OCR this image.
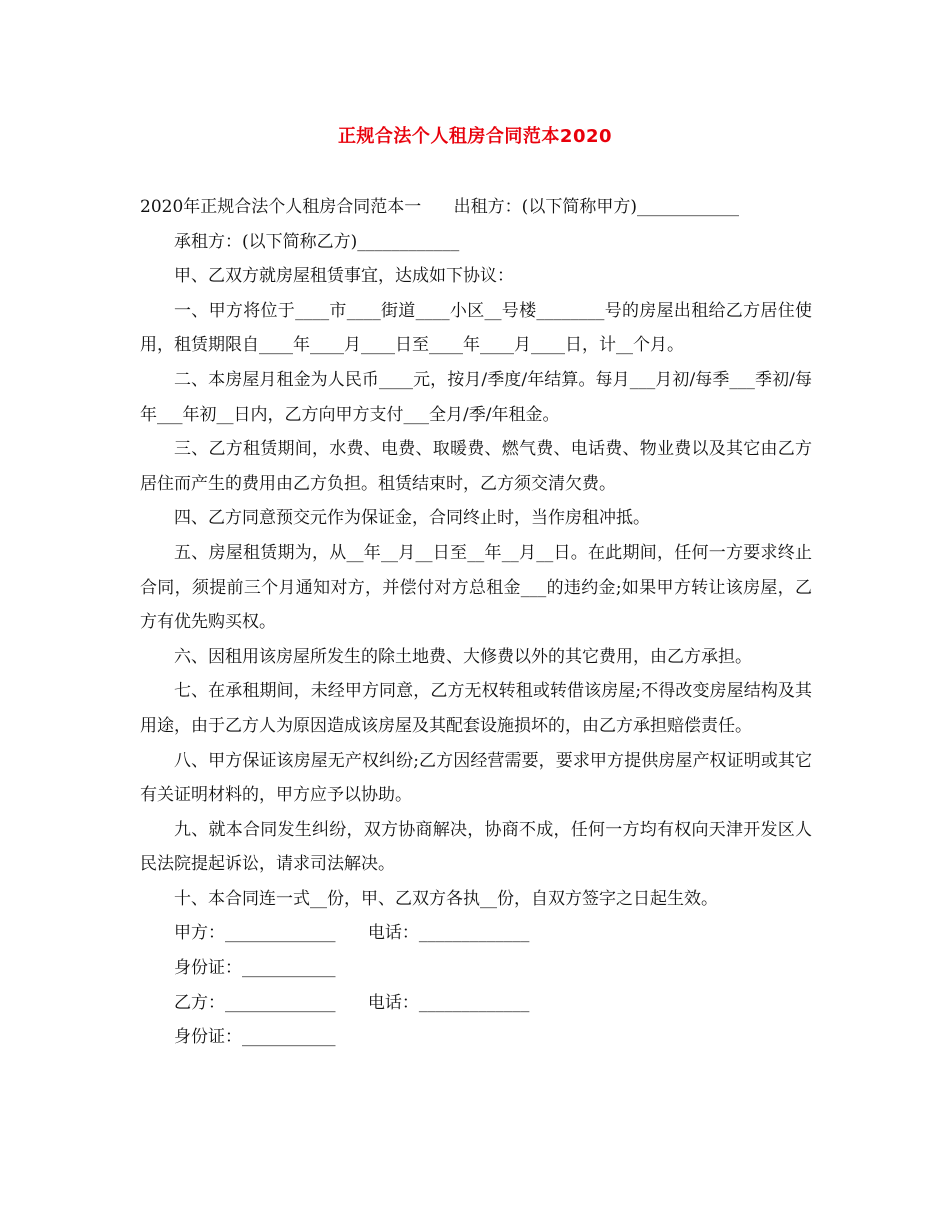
正规合法个人租房合同范本2020

2020年正规合法个人租房合同范本一      出租方：(以下简称甲方)____________

承租方：(以下简称乙方)____________

甲、乙双方就房屋租赁事宜，达成如下协议：

一、甲方将位于____市____街道____小区__号楼________号的房屋出租给乙方居住使用，租赁期限自____年____月____日至____年____月____日，计__个月。

二、本房屋月租金为人民币____元，按月/季度/年结算。每月___月初/每季___季初/每年___年初__日内，乙方向甲方支付___全月/季/年租金。

三、乙方租赁期间，水费、电费、取暖费、燃气费、电话费、物业费以及其它由乙方居住而产生的费用由乙方负担。租赁结束时，乙方须交清欠费。

四、乙方同意预交元作为保证金，合同终止时，当作房租冲抵。

五、房屋租赁期为，从__年__月__日至__年__月__日。在此期间，任何一方要求终止合同，须提前三个月通知对方，并偿付对方总租金___的违约金;如果甲方转让该房屋，乙方有优先购买权。

六、因租用该房屋所发生的除土地费、大修费以外的其它费用，由乙方承担。

七、在承租期间，未经甲方同意，乙方无权转租或转借该房屋;不得改变房屋结构及其用途，由于乙方人为原因造成该房屋及其配套设施损坏的，由乙方承担赔偿责任。

八、甲方保证该房屋无产权纠纷;乙方因经营需要，要求甲方提供房屋产权证明或其它有关证明材料的，甲方应予以协助。

九、就本合同发生纠纷，双方协商解决，协商不成，任何一方均有权向天津开发区人民法院提起诉讼，请求司法解决。

十、本合同连一式__份，甲、乙双方各执__份，自双方签字之日起生效。

甲方：_____________      电话：_____________

身份证：___________

乙方：_____________      电话：_____________

身份证：___________
